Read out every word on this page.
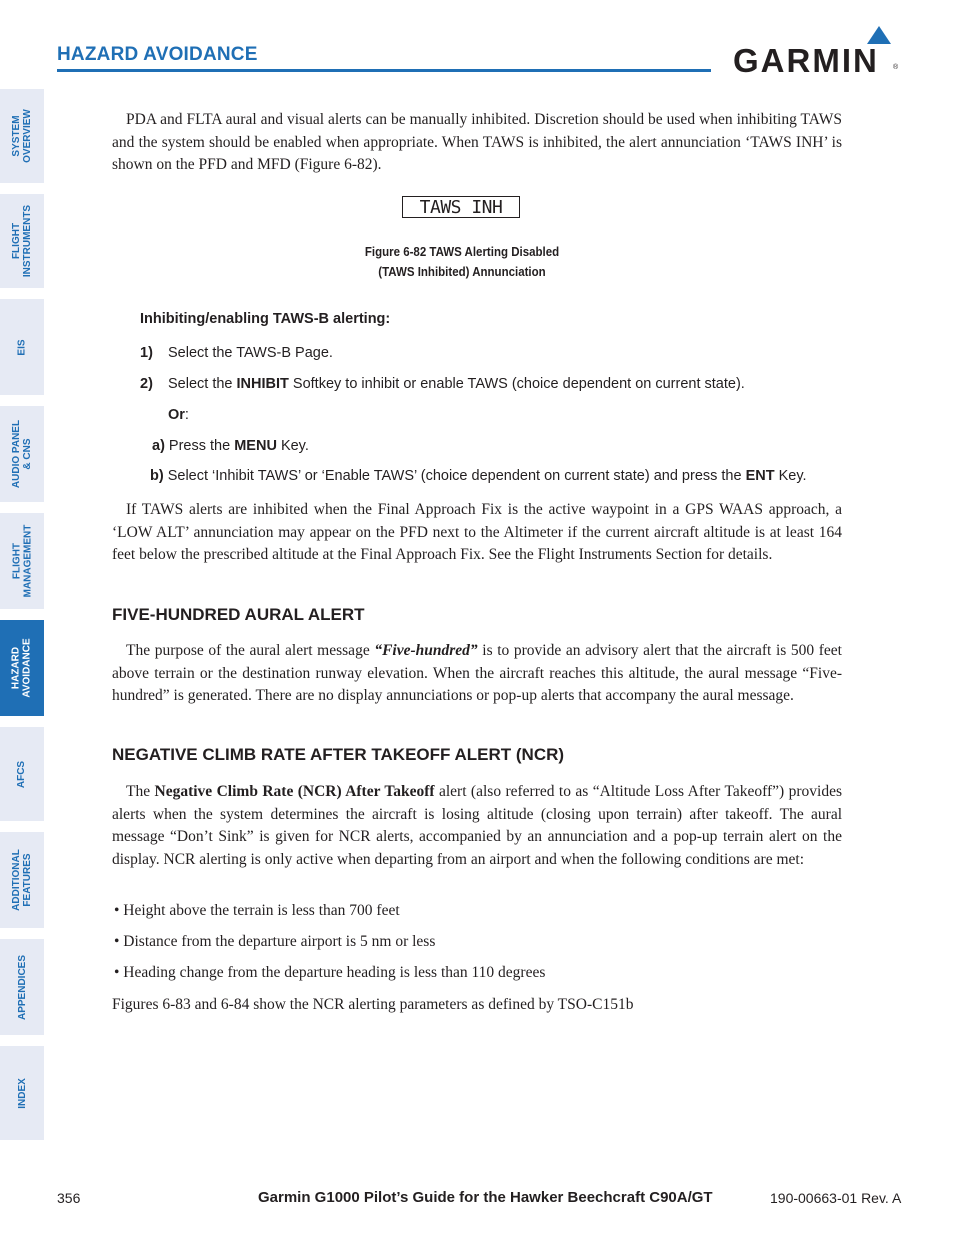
SYSTEM
OVERVIEW
FLIGHT
INSTRUMENTS
EIS
AUDIO PANEL
& CNS
FLIGHT
MANAGEMENT
HAZARD
AVOIDANCE
AFCS
ADDITIONAL
FEATURES
APPENDICES
INDEX
HAZARD AVOIDANCE	GARMIN ®

PDA and FLTA aural and visual alerts can be manually inhibited. Discretion should be used when inhibiting TAWS and the system should be enabled when appropriate. When TAWS is inhibited, the alert annunciation ‘TAWS INH’ is shown on the PFD and MFD (Figure 6-82).

TAWS INH
Figure 6-82 TAWS Alerting Disabled
(TAWS Inhibited) Annunciation
Inhibiting/enabling TAWS-B alerting:
1) Select the TAWS-B Page.
2) Select the INHIBIT Softkey to inhibit or enable TAWS (choice dependent on current state).
Or:
a) Press the MENU Key.
b) Select ‘Inhibit TAWS’ or ‘Enable TAWS’ (choice dependent on current state) and press the ENT Key.

If TAWS alerts are inhibited when the Final Approach Fix is the active waypoint in a GPS WAAS approach, a ‘LOW ALT’ annunciation may appear on the PFD next to the Altimeter if the current aircraft altitude is at least 164 feet below the prescribed altitude at the Final Approach Fix. See the Flight Instruments Section for details.

FIVE-HUNDRED AURAL ALERT

The purpose of the aural alert message “Five-hundred” is to provide an advisory alert that the aircraft is 500 feet above terrain or the destination runway elevation. When the aircraft reaches this altitude, the aural message “Five-hundred” is generated. There are no display annunciations or pop-up alerts that accompany the aural message.

NEGATIVE CLIMB RATE AFTER TAKEOFF ALERT (NCR)

The Negative Climb Rate (NCR) After Takeoff alert (also referred to as “Altitude Loss After Takeoff”) provides alerts when the system determines the aircraft is losing altitude (closing upon terrain) after takeoff. The aural message “Don’t Sink” is given for NCR alerts, accompanied by an annunciation and a pop-up terrain alert on the display. NCR alerting is only active when departing from an airport and when the following conditions are met:

• Height above the terrain is less than 700 feet
• Distance from the departure airport is 5 nm or less
• Heading change from the departure heading is less than 110 degrees

Figures 6-83 and 6-84 show the NCR alerting parameters as defined by TSO-C151b

356	Garmin G1000 Pilot’s Guide for the Hawker Beechcraft C90A/GT	190-00663-01 Rev. A
